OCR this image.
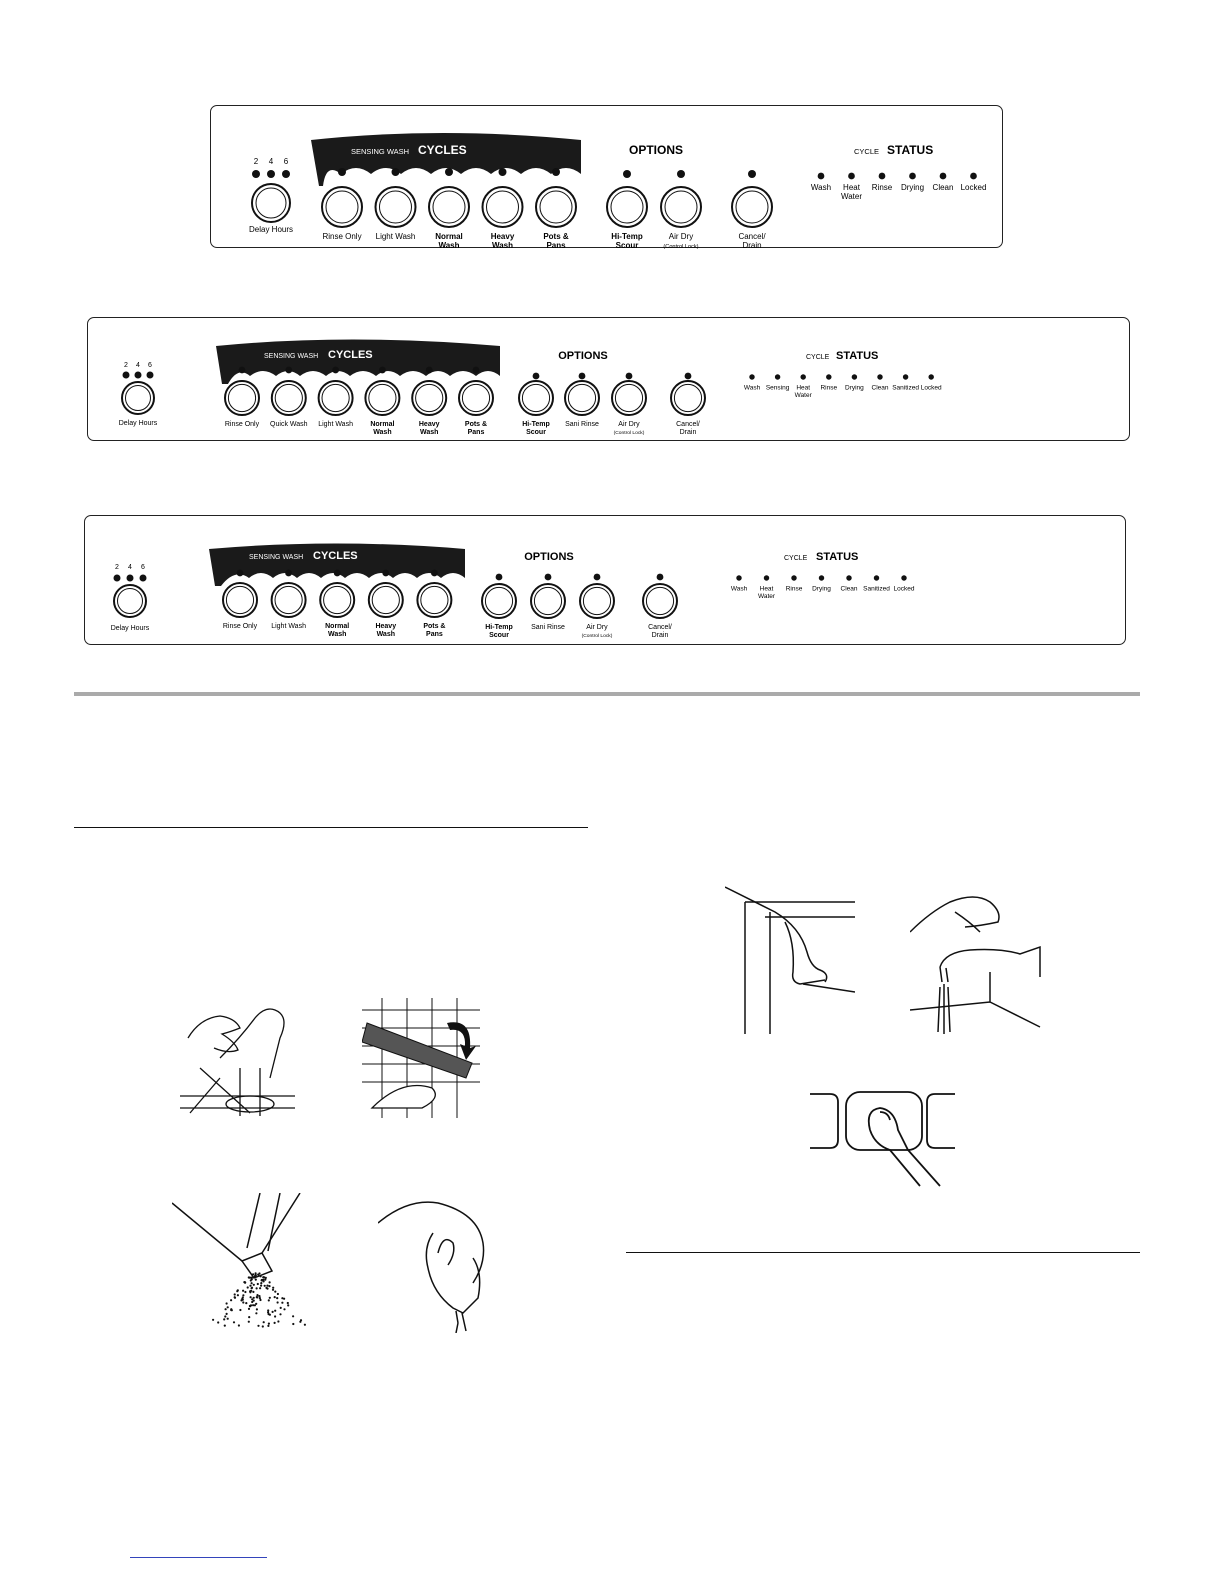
2 4 6
Delay Hours
SENSING WASH CYCLES
Rinse Only Light Wash Normal
Wash
Heavy
Wash
Pots &
Pans
OPTIONS
Hi-Temp
Scour
Air Dry
(Control Lock)
Cancel/
Drain
Wash Heat
Water
Rinse Drying Clean Locked
CYCLE STATUS
2 4 6
Delay Hours
SENSING WASH CYCLES
Rinse Only Quick Wash Light Wash Normal
Wash
Heavy
Wash
Pots &
Pans
OPTIONS
Hi-Temp
Scour
Sani Rinse	Air Dry
(Control Lock)
Cancel/
Drain
Wash Sensing Heat
Water
Rinse Drying Clean Sanitized Locked
CYCLE STATUS
2 4 6
Delay Hours
SENSING WASH CYCLES
Rinse Only Light Wash	Normal
Wash
Heavy
Wash
Pots &
Pans
OPTIONS
Hi-Temp
Scour
Sani Rinse	Air Dry
(Control Lock)
Cancel/
Drain
Wash Heat
Water
Rinse Drying Clean Sanitized Locked
CYCLE STATUS
